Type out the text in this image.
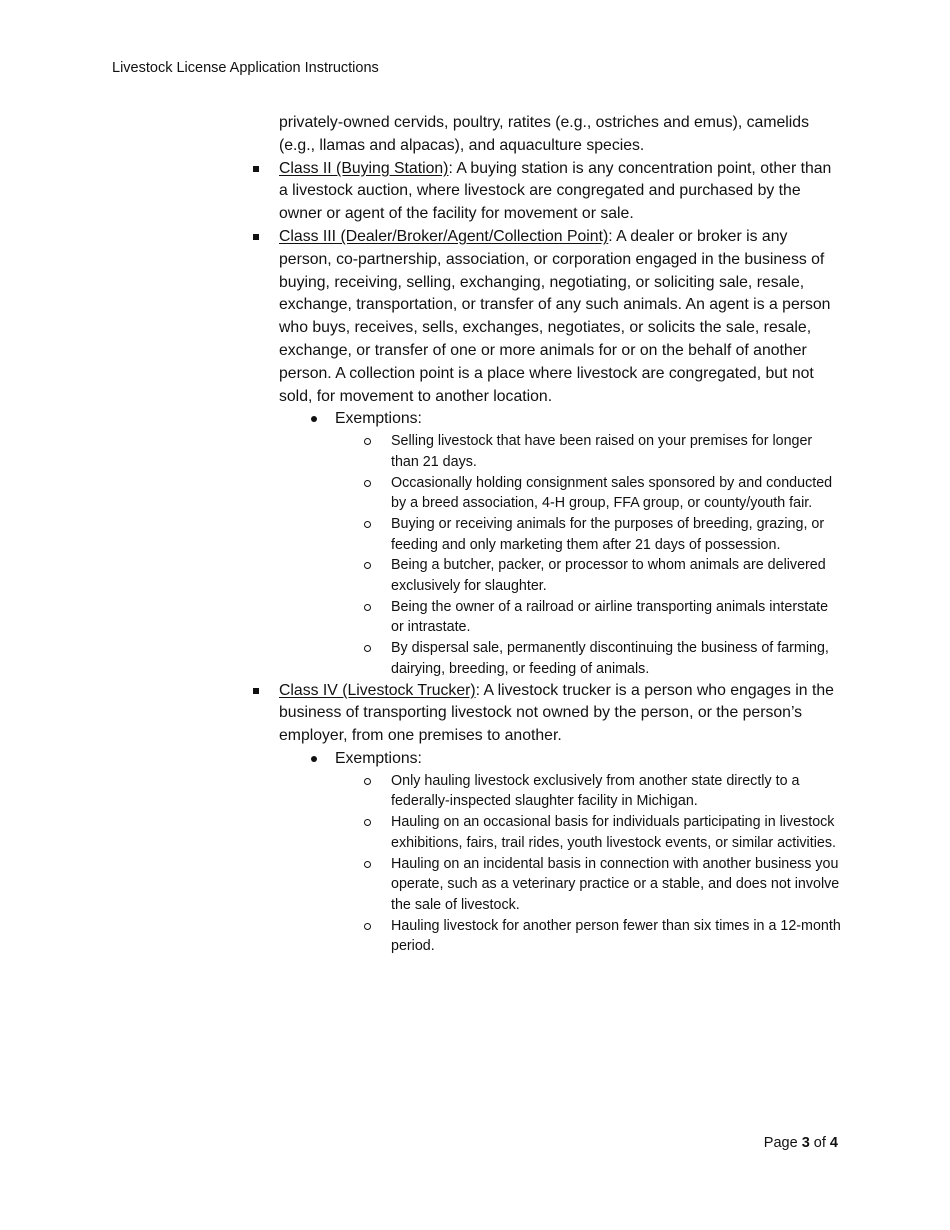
Livestock License Application Instructions
privately-owned cervids, poultry, ratites (e.g., ostriches and emus), camelids (e.g., llamas and alpacas), and aquaculture species.
Class II (Buying Station): A buying station is any concentration point, other than a livestock auction, where livestock are congregated and purchased by the owner or agent of the facility for movement or sale.
Class III (Dealer/Broker/Agent/Collection Point): A dealer or broker is any person, co-partnership, association, or corporation engaged in the business of buying, receiving, selling, exchanging, negotiating, or soliciting sale, resale, exchange, transportation, or transfer of any such animals. An agent is a person who buys, receives, sells, exchanges, negotiates, or solicits the sale, resale, exchange, or transfer of one or more animals for or on the behalf of another person. A collection point is a place where livestock are congregated, but not sold, for movement to another location.
Exemptions:
Selling livestock that have been raised on your premises for longer than 21 days.
Occasionally holding consignment sales sponsored by and conducted by a breed association, 4-H group, FFA group, or county/youth fair.
Buying or receiving animals for the purposes of breeding, grazing, or feeding and only marketing them after 21 days of possession.
Being a butcher, packer, or processor to whom animals are delivered exclusively for slaughter.
Being the owner of a railroad or airline transporting animals interstate or intrastate.
By dispersal sale, permanently discontinuing the business of farming, dairying, breeding, or feeding of animals.
Class IV (Livestock Trucker): A livestock trucker is a person who engages in the business of transporting livestock not owned by the person, or the person’s employer, from one premises to another.
Exemptions:
Only hauling livestock exclusively from another state directly to a federally-inspected slaughter facility in Michigan.
Hauling on an occasional basis for individuals participating in livestock exhibitions, fairs, trail rides, youth livestock events, or similar activities.
Hauling on an incidental basis in connection with another business you operate, such as a veterinary practice or a stable, and does not involve the sale of livestock.
Hauling livestock for another person fewer than six times in a 12-month period.
Page 3 of 4
